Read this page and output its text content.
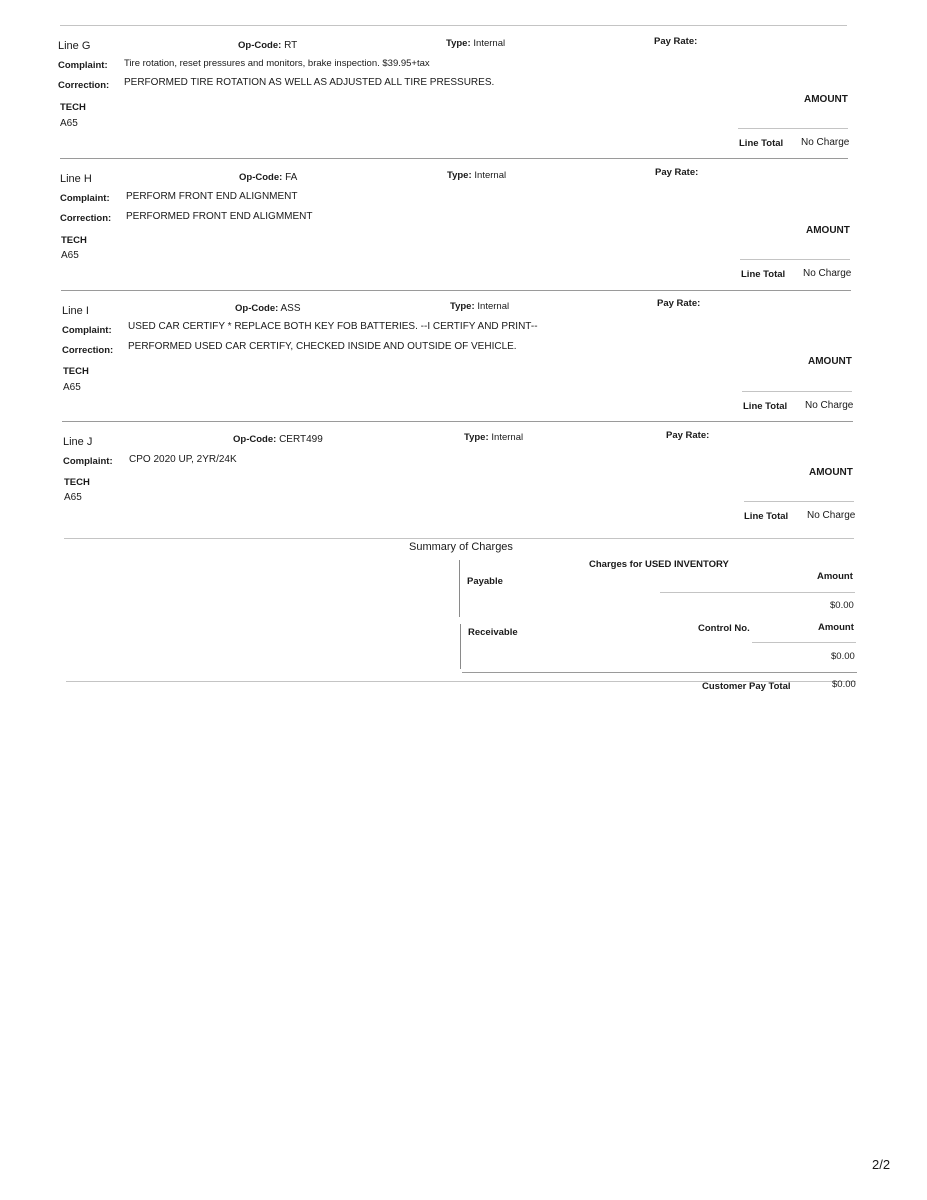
Line G	Op-Code: RT	Type: Internal	Pay Rate:
Complaint: Tire rotation, reset pressures and monitors, brake inspection. $39.95+tax
Correction: PERFORMED TIRE ROTATION AS WELL AS ADJUSTED ALL TIRE PRESSURES.
AMOUNT
TECH
A65
Line Total No Charge
Line H	Op-Code: FA	Type: Internal	Pay Rate:
Complaint: PERFORM FRONT END ALIGNMENT
Correction: PERFORMED FRONT END ALIGMMENT
AMOUNT
TECH
A65
Line Total No Charge
Line I	Op-Code: ASS	Type: Internal	Pay Rate:
Complaint: USED CAR CERTIFY * REPLACE BOTH KEY FOB BATTERIES. --I CERTIFY AND PRINT--
Correction: PERFORMED USED CAR CERTIFY, CHECKED INSIDE AND OUTSIDE OF VEHICLE.
AMOUNT
TECH
A65
Line Total No Charge
Line J	Op-Code: CERT499	Type: Internal	Pay Rate:
Complaint: CPO 2020 UP, 2YR/24K
AMOUNT
TECH
A65
Line Total No Charge
Summary of Charges
Charges for USED INVENTORY
Payable	Amount
$0.00
Receivable	Control No.	Amount
$0.00
Customer Pay Total	$0.00
2/2
